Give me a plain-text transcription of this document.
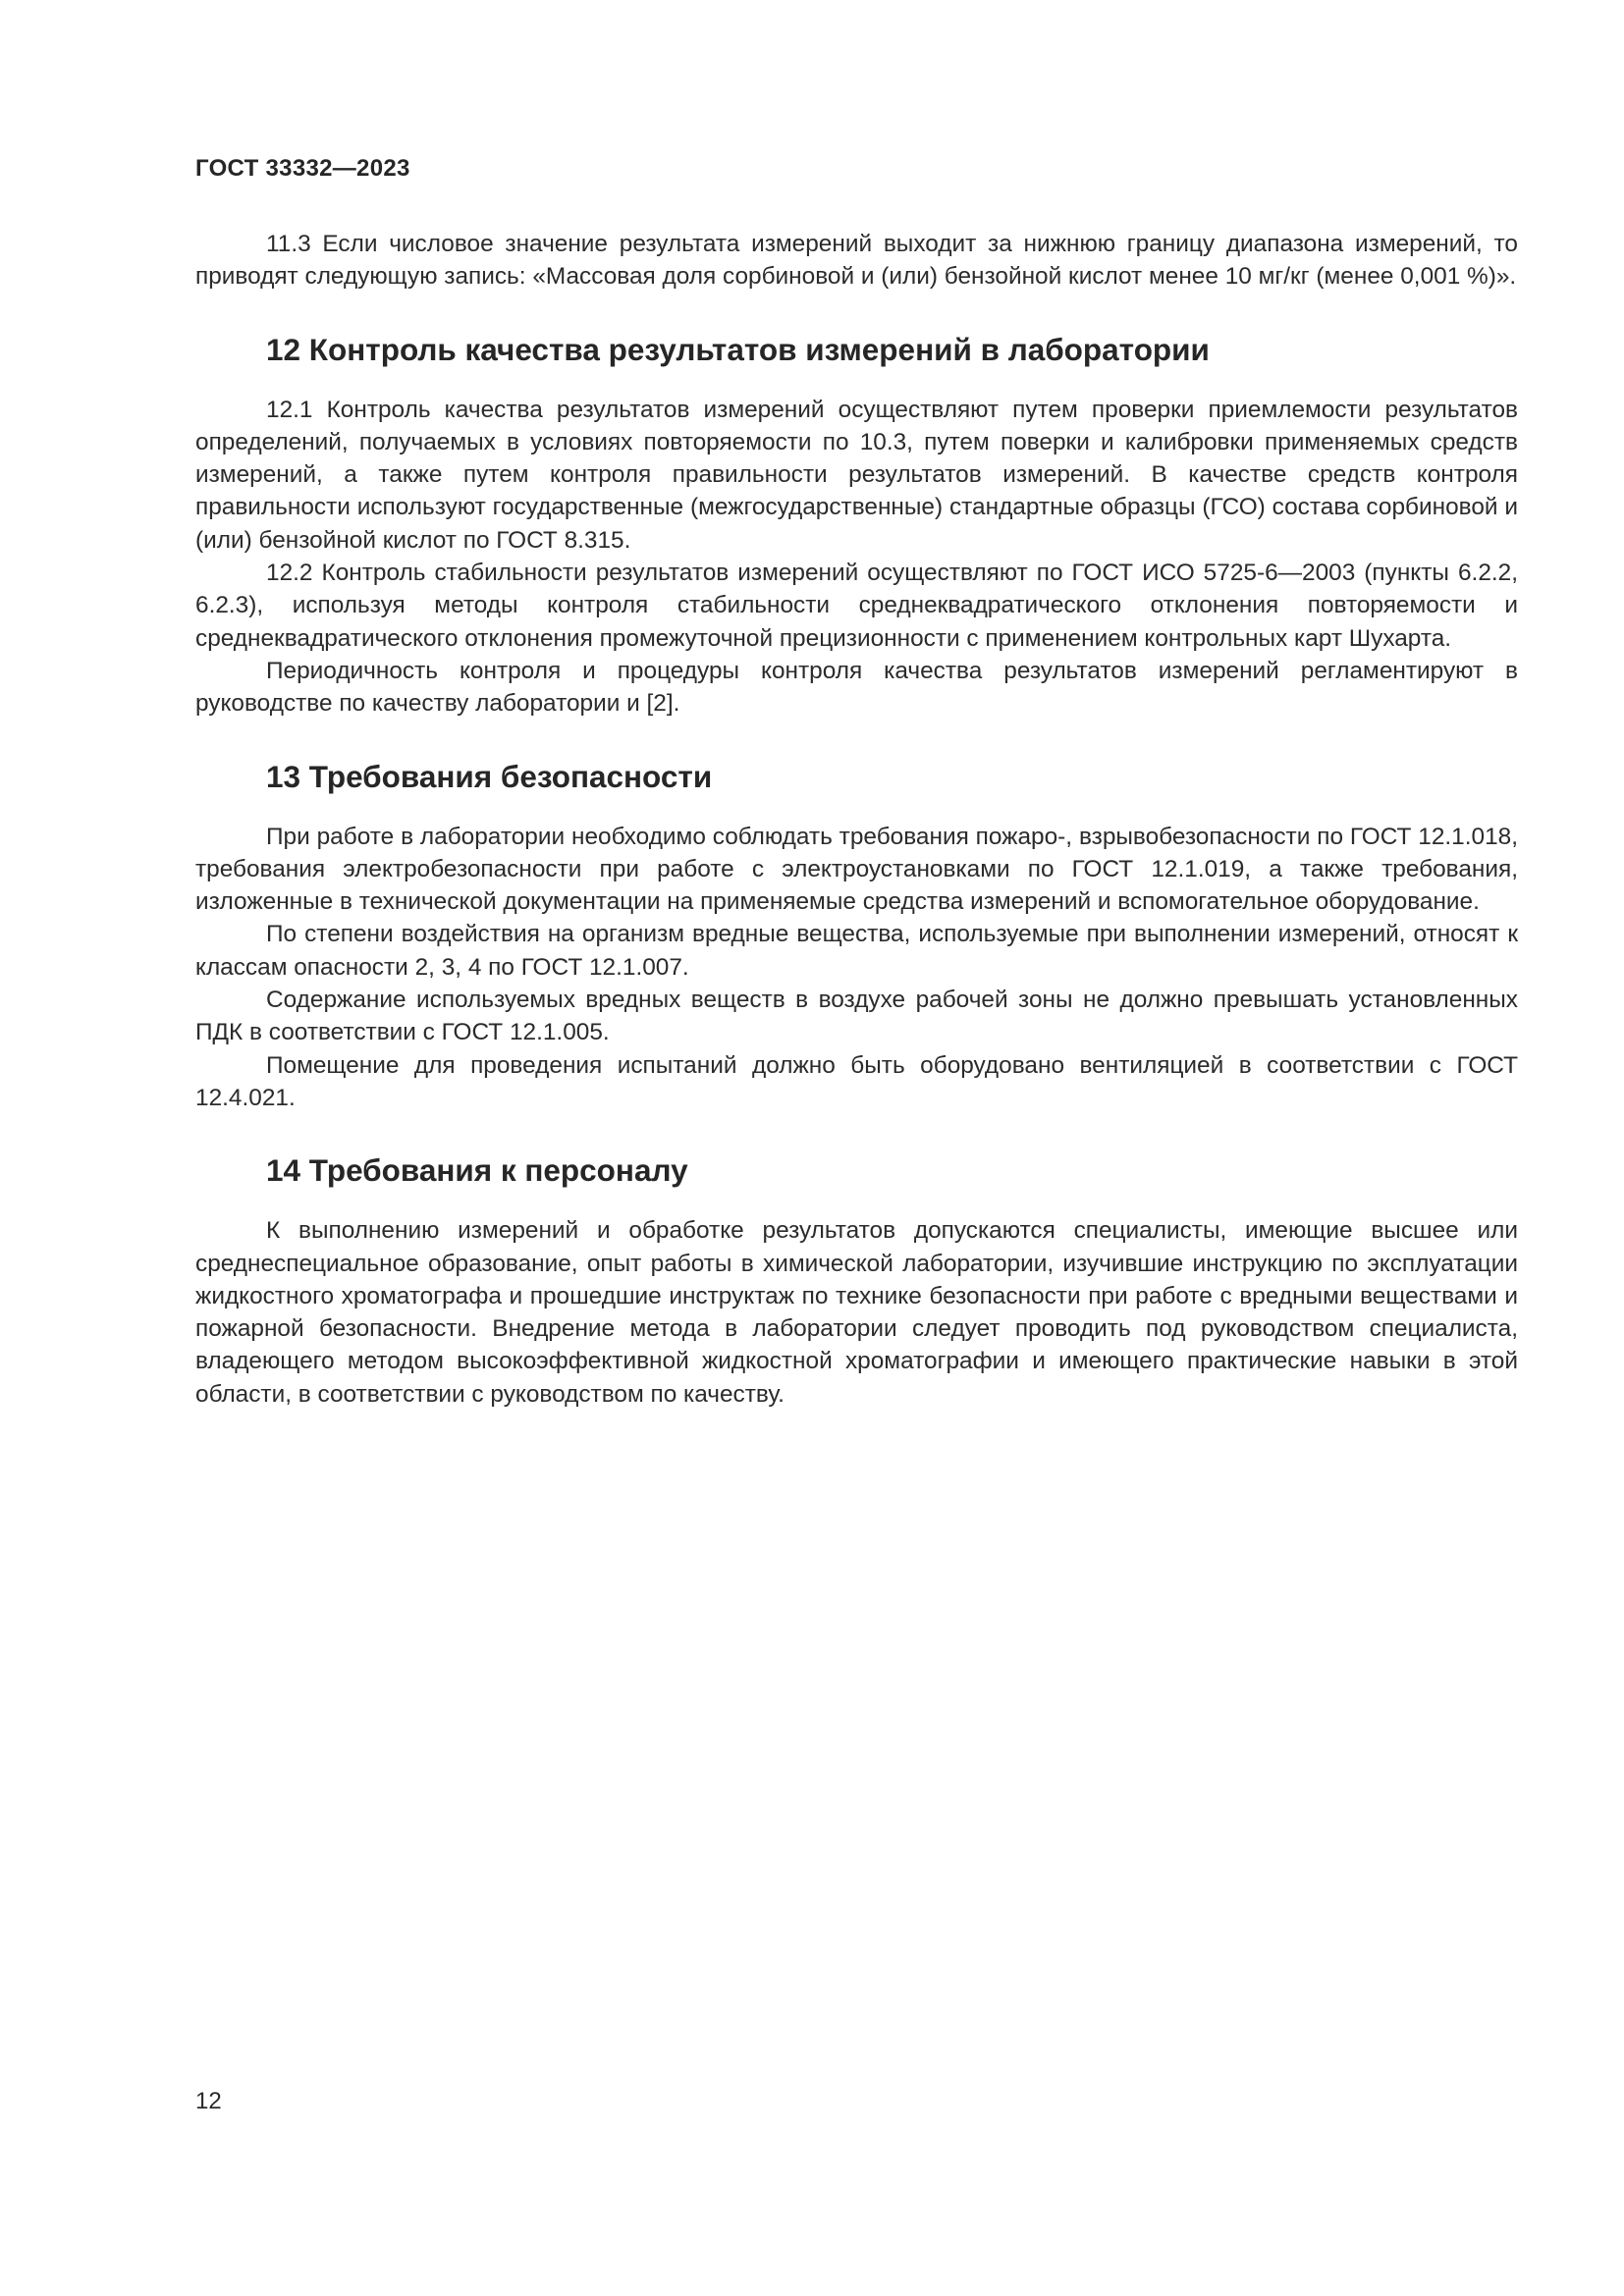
ГОСТ 33332—2023

11.3 Если числовое значение результата измерений выходит за нижнюю границу диапазона измерений, то приводят следующую запись: «Массовая доля сорбиновой и (или) бензойной кислот менее 10 мг/кг (менее 0,001 %)».

12 Контроль качества результатов измерений в лаборатории

12.1 Контроль качества результатов измерений осуществляют путем проверки приемлемости результатов определений, получаемых в условиях повторяемости по 10.3, путем поверки и калибровки применяемых средств измерений, а также путем контроля правильности результатов измерений. В качестве средств контроля правильности используют государственные (межгосударственные) стандартные образцы (ГСО) состава сорбиновой и (или) бензойной кислот по ГОСТ 8.315.

12.2 Контроль стабильности результатов измерений осуществляют по ГОСТ ИСО 5725-6—2003 (пункты 6.2.2, 6.2.3), используя методы контроля стабильности среднеквадратического отклонения повторяемости и среднеквадратического отклонения промежуточной прецизионности с применением контрольных карт Шухарта.

Периодичность контроля и процедуры контроля качества результатов измерений регламентируют в руководстве по качеству лаборатории и [2].

13 Требования безопасности

При работе в лаборатории необходимо соблюдать требования пожаро-, взрывобезопасности по ГОСТ 12.1.018, требования электробезопасности при работе с электроустановками по ГОСТ 12.1.019, а также требования, изложенные в технической документации на применяемые средства измерений и вспомогательное оборудование.

По степени воздействия на организм вредные вещества, используемые при выполнении измерений, относят к классам опасности 2, 3, 4 по ГОСТ 12.1.007.

Содержание используемых вредных веществ в воздухе рабочей зоны не должно превышать установленных ПДК в соответствии с ГОСТ 12.1.005.

Помещение для проведения испытаний должно быть оборудовано вентиляцией в соответствии с ГОСТ 12.4.021.

14 Требования к персоналу

К выполнению измерений и обработке результатов допускаются специалисты, имеющие высшее или среднеспециальное образование, опыт работы в химической лаборатории, изучившие инструкцию по эксплуатации жидкостного хроматографа и прошедшие инструктаж по технике безопасности при работе с вредными веществами и пожарной безопасности. Внедрение метода в лаборатории следует проводить под руководством специалиста, владеющего методом высокоэффективной жидкостной хроматографии и имеющего практические навыки в этой области, в соответствии с руководством по качеству.

12
